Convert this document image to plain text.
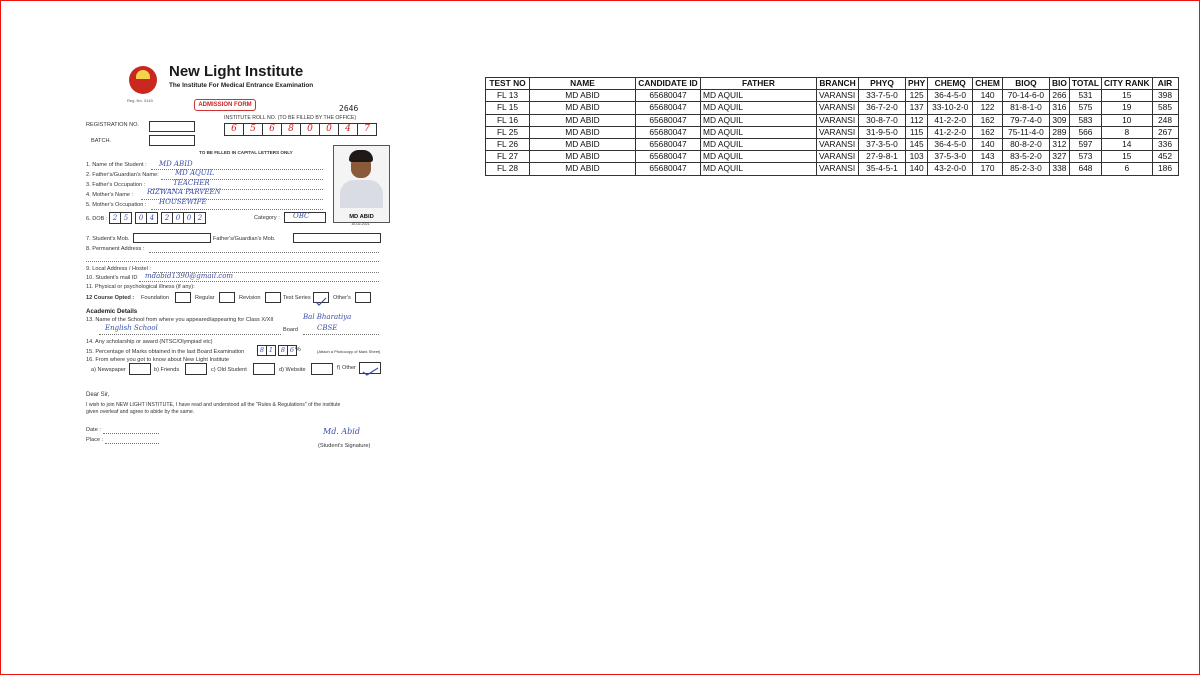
Reg. No. 3140
New Light Institute
The Institute For Medical Entrance Examination
ADMISSION FORM	2646
REGISTRATION NO.
BATCH.
INSTITUTE ROLL NO. (TO BE FILLED BY THE OFFICE)
6	5	6	8	0	0	4	7
TO BE FILLED IN CAPITAL LETTERS ONLY
MD ABID
10-02-2021
1. Name of the Student : MD ABID
2. Father's/Guardian's Name: MD AQUIL
3. Father's Occupation :	TEACHER
4. Mother's Name : RIZWANA PARVEEN
5. Mother's Occupation : HOUSEWIFE
6. DOB : 2 5	0 4	2 0 0 2	Category : OBC
7. Student's Mob.	Father's/Guardian's Mob.
8. Permanent Address :
9. Local Address / Hostel :
10. Student's mail ID mdabid1390@gmail.com
11. Physical or psychological illness (if any):
12 Course Opted : Foundation	Regular	Revision	Test Series	Other's
Academic Details
13. Name of the School from where you appeared/appearing for Class X/XII	Bal Bharatiya
English School	Board	CBSE
14. Any scholarship or award (NTSC/Olympiad etc)
15. Percentage of Marks obtained in the last Board Examination	8 1	8 6 %	(Attach a Photocopy of Mark Sheet)
16. From where you got to know about New Light Institute
a) Newspaper	b) Friends	c) Old Student	d) Website	f) Other
Dear Sir,
I wish to join NEW LIGHT INSTITUTE, I have read and understood all the "Rules & Regulations" of the institute
given overleaf and agree to abide by the same.
Date :
Place :
Md. Abid
(Student's Signature)
TEST NO	NAME	CANDIDATE ID	FATHER	BRANCH	PHYQ	PHY	CHEMQ	CHEM	BIOQ	BIO	TOTAL	CITY RANK	AIR
FL 13	MD ABID	65680047	MD AQUIL	VARANSI	33-7-5-0	125	36-4-5-0	140	70-14-6-0	266	531	15	398
FL 15	MD ABID	65680047	MD AQUIL	VARANSI	36-7-2-0	137	33-10-2-0	122	81-8-1-0	316	575	19	585
FL 16	MD ABID	65680047	MD AQUIL	VARANSI	30-8-7-0	112	41-2-2-0	162	79-7-4-0	309	583	10	248
FL 25	MD ABID	65680047	MD AQUIL	VARANSI	31-9-5-0	115	41-2-2-0	162	75-11-4-0	289	566	8	267
FL 26	MD ABID	65680047	MD AQUIL	VARANSI	37-3-5-0	145	36-4-5-0	140	80-8-2-0	312	597	14	336
FL 27	MD ABID	65680047	MD AQUIL	VARANSI	27-9-8-1	103	37-5-3-0	143	83-5-2-0	327	573	15	452
FL 28	MD ABID	65680047	MD AQUIL	VARANSI	35-4-5-1	140	43-2-0-0	170	85-2-3-0	338	648	6	186
